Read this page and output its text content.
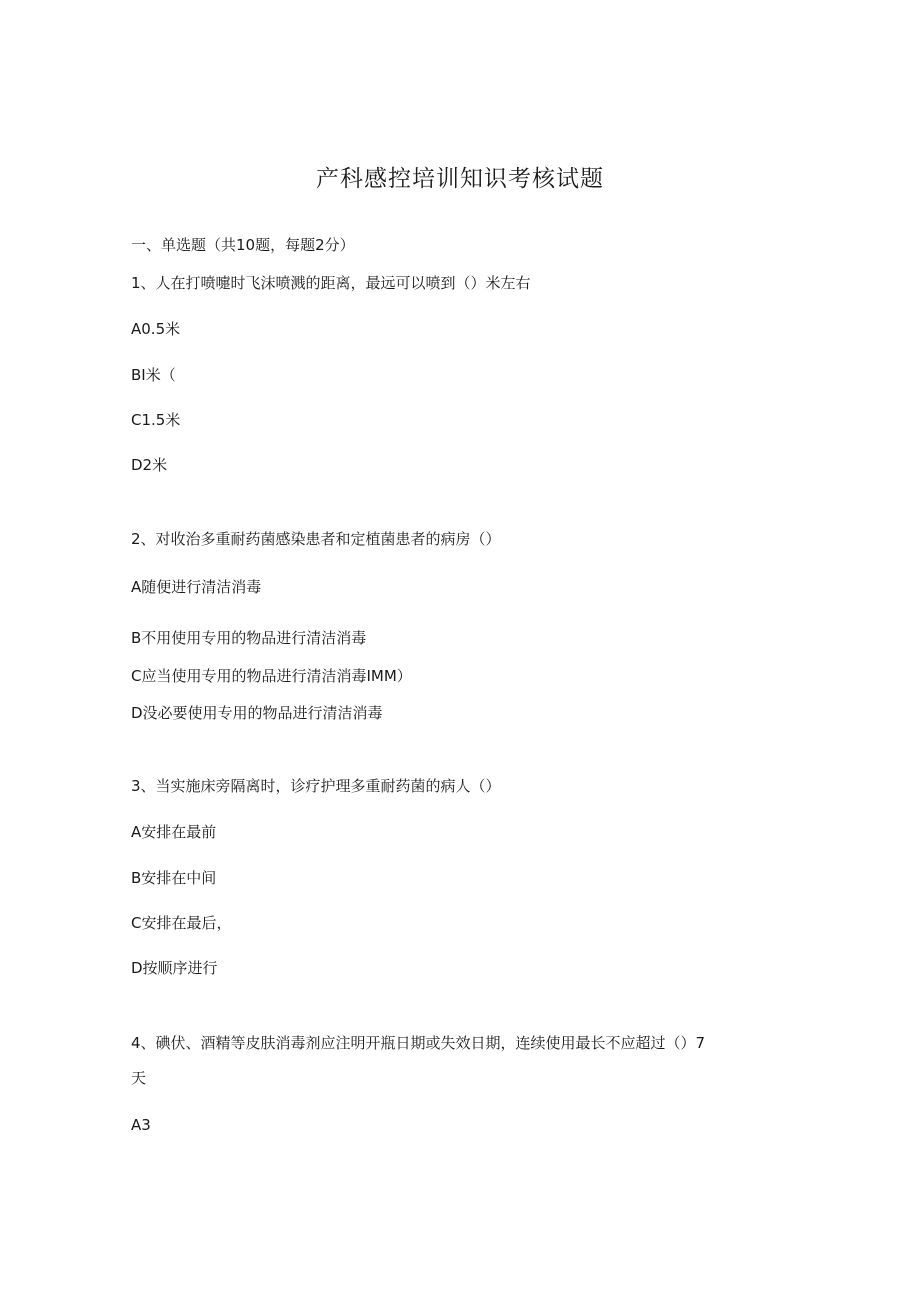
产科感控培训知识考核试题
一、单选题（共10题，每题2分）
1、人在打喷嚏时飞沫喷溅的距离，最远可以喷到（）米左右
A0.5米
BI米（
C1.5米
D2米
2、对收治多重耐药菌感染患者和定植菌患者的病房（）
A随便进行清洁消毒
B不用使用专用的物品进行清洁消毒
C应当使用专用的物品进行清洁消毒IMM）
D没必要使用专用的物品进行清洁消毒
3、当实施床旁隔离时，诊疗护理多重耐药菌的病人（）
A安排在最前
B安排在中间
C安排在最后，
D按顺序进行
4、碘伏、酒精等皮肤消毒剂应注明开瓶日期或失效日期，连续使用最长不应超过（）7
天
A3
